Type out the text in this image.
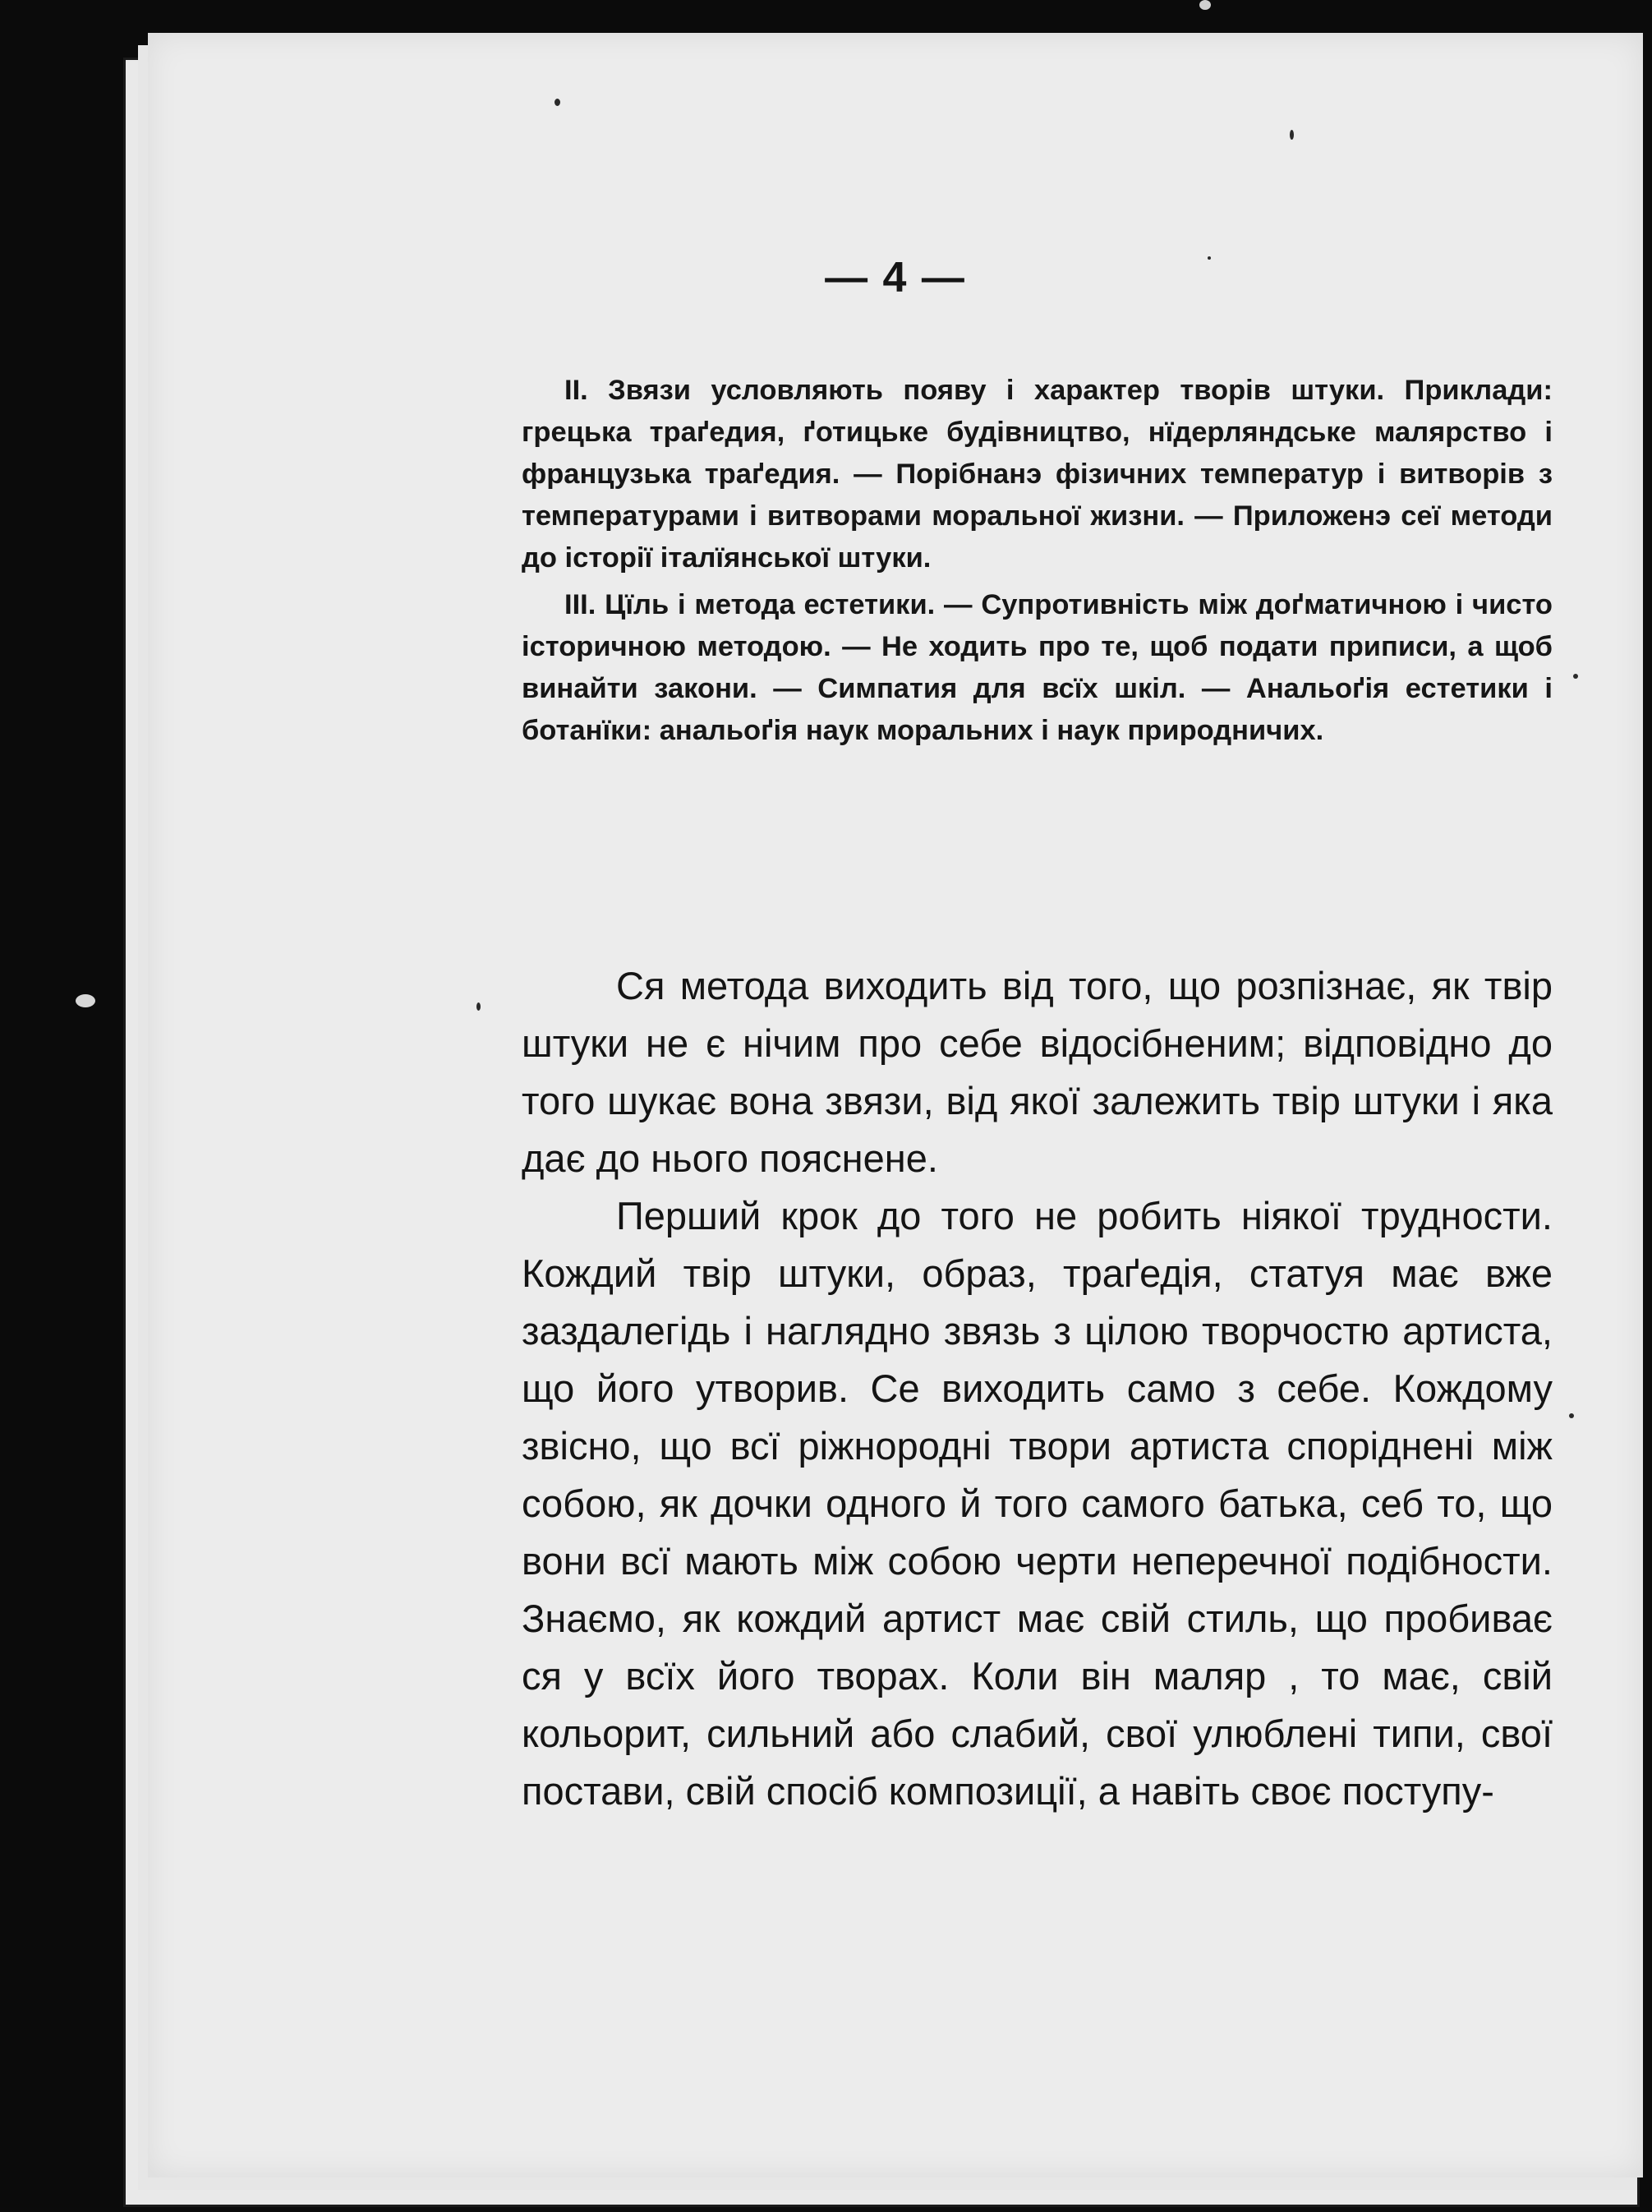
— 4 —

II. Звязи условляють появу і характер творів штуки. Приклади: грецька траґедия, ґотицьке будівництво, нїдерляндське малярство і французька траґедия. — Порібнанэ фізичних температур і витворів з температурами і витворами моральної жизни. — Приложенэ сеї методи до історії італїянської штуки.

III. Цїль і метода естетики. — Супротивність між доґматичною і чисто історичною методою. — Не ходить про те, щоб подати приписи, а щоб винайти закони. — Симпатия для всїх шкіл. — Анальоґія естетики і ботанїки: анальоґія наук моральних і наук природничих.

Ся метода виходить від того, що розпізнає, як твір штуки не є нічим про себе відосібненим; відповідно до того шукає вона звязи, від якої залежить твір штуки і яка дає до нього пояснене.

Перший крок до того не робить ніякої трудности. Кождий твір штуки, образ, траґедія, статуя має вже заздалегідь і наглядно звязь з цілою творчостю артиста, що його утворив. Се виходить само з себе. Кождому звісно, що всї ріжнородні твори артиста споріднені між собою, як дочки одного й того самого батька, себ то, що вони всї мають між собою черти неперечної подібности. Знаємо, як кождий артист має свій стиль, що пробиває ся у всїх його творах. Коли він маляр , то має, свій кольорит, сильний або слабий, свої улюблені типи, свої постави, свій спосіб композиції, а навіть своє поступу-
